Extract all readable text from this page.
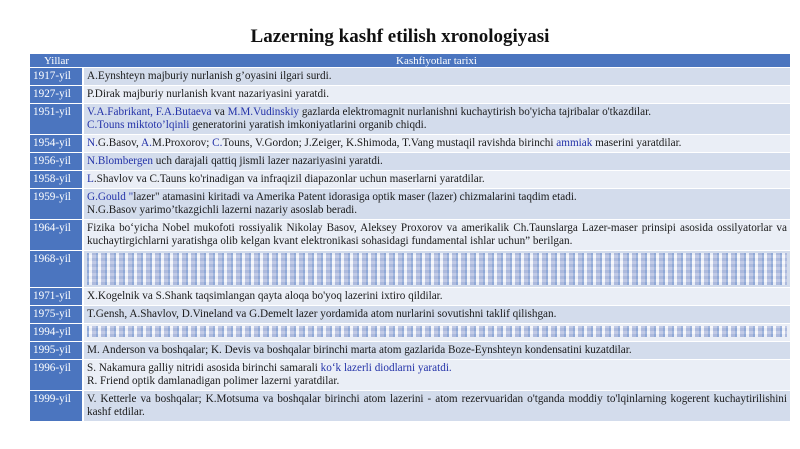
Lazerning kashf etilish xronologiyasi
Yillar	Kashfiyotlar tarixi
1917-yil	A.Eynshteyn majburiy nurlanish g’oyasini ilgari surdi.

1927-yil	P.Dirak majburiy nurlanish kvant nazariyasini yaratdi.

1951-yil	V.A.Fabrikant, F.A.Butaeva va M.M.Vudinskiy gazlarda elektromagnit nurlanishni kuchaytirish bo'yicha tajribalar o'tkazdilar.
C.Touns miktoto’lqinli generatorini yaratish imkoniyatlarini organib chiqdi.

1954-yil	N.G.Basov, A.M.Proxorov; C.Touns, V.Gordon; J.Zeiger, K.Shimoda, T.Vang mustaqil ravishda birinchi ammiak maserini yaratdilar.

1956-yil	N.Blombergen uch darajali qattiq jismli lazer nazariyasini yaratdi.

1958-yil	L.Shavlov va C.Tauns ko'rinadigan va infraqizil diapazonlar uchun maserlarni yaratdilar.

1959-yil	G.Gould "lazer" atamasini kiritadi va Amerika Patent idorasiga optik maser (lazer) chizmalarini taqdim etadi.
N.G.Basov yarimo’tkazgichli lazerni nazariy asoslab beradi.

1964-yil	Fizika bo‘yicha Nobel mukofoti rossiyalik Nikolay Basov, Aleksey Proxorov va amerikalik Ch.Taunslarga Lazer-maser prinsipi asosida ossilyatorlar va kuchaytirgichlarni yaratishga olib kelgan kvant elektronikasi sohasidagi fundamental ishlar uchun” berilgan.

1968-yil	

1971-yil	X.Kogelnik va S.Shank taqsimlangan qayta aloqa bo'yoq lazerini ixtiro qildilar.

1975-yil	T.Gensh, A.Shavlov, D.Vineland va G.Demelt lazer yordamida atom nurlarini sovutishni taklif qilishgan.

1994-yil	

1995-yil	M. Anderson va boshqalar; K. Devis va boshqalar birinchi marta atom gazlarida Boze-Eynshteyn kondensatini kuzatdilar.

1996-yil	S. Nakamura galliy nitridi asosida birinchi samarali ko‘k lazerli diodlarni yaratdi.
R. Friend optik damlanadigan polimer lazerni yaratdilar.

1999-yil	V. Ketterle va boshqalar; K.Motsuma va boshqalar birinchi atom lazerini - atom rezervuaridan o'tganda moddiy to'lqinlarning kogerent kuchaytirilishini kashf etdilar.
